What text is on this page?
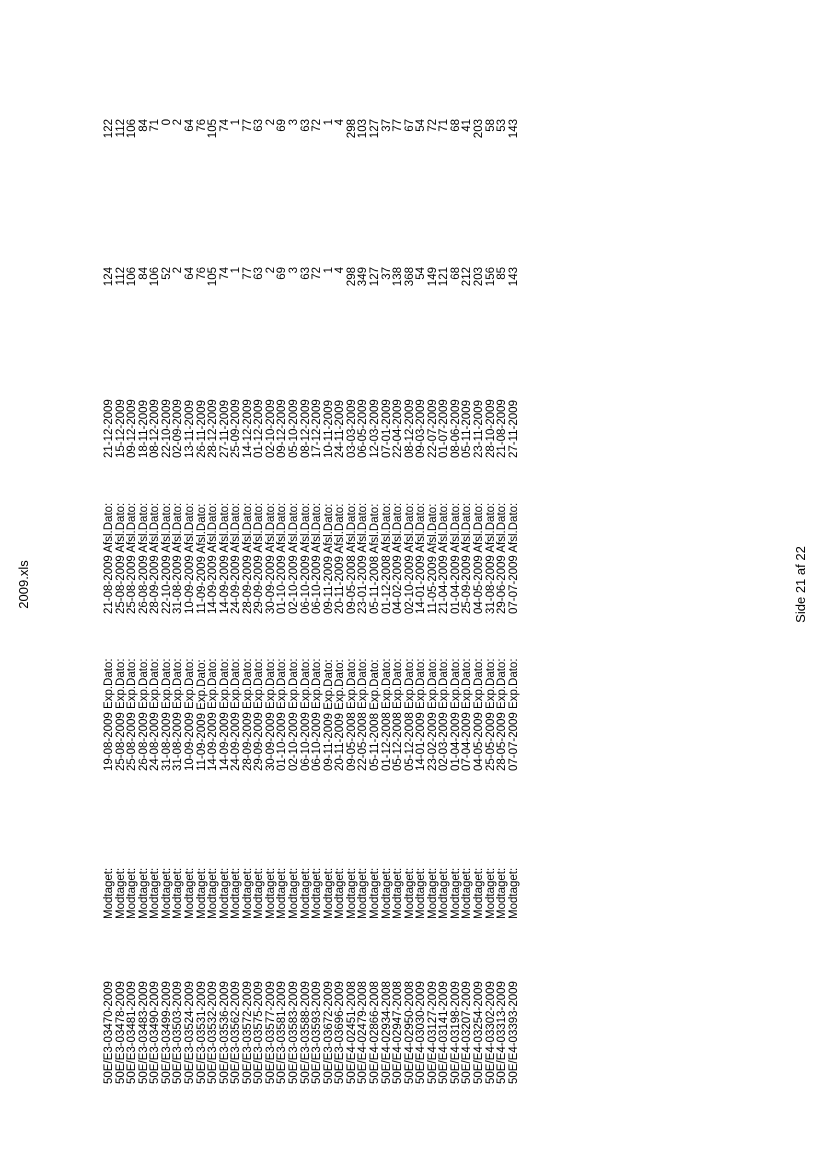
2009.xls
50E/E3-03470-2009
Modtaget:
19-08-2009 Exp.Dato:
21-08-2009 Afsl.Dato:
21-12-2009
124
122
50E/E3-03478-2009
Modtaget:
25-08-2009 Exp.Dato:
25-08-2009 Afsl.Dato:
15-12-2009
112
112
50E/E3-03481-2009
Modtaget:
25-08-2009 Exp.Dato:
25-08-2009 Afsl.Dato:
09-12-2009
106
106
50E/E3-03483-2009
Modtaget:
26-08-2009 Exp.Dato:
26-08-2009 Afsl.Dato:
18-11-2009
84
84
50E/E3-03490-2009
Modtaget:
24-08-2009 Exp.Dato:
28-09-2009 Afsl.Dato:
08-12-2009
106
71
50E/E3-03499-2009
Modtaget:
31-08-2009 Exp.Dato:
22-10-2009 Afsl.Dato:
22-10-2009
52
0
50E/E3-03503-2009
Modtaget:
31-08-2009 Exp.Dato:
31-08-2009 Afsl.Dato:
02-09-2009
2
2
50E/E3-03524-2009
Modtaget:
10-09-2009 Exp.Dato:
10-09-2009 Afsl.Dato:
13-11-2009
64
64
50E/E3-03531-2009
Modtaget:
11-09-2009 Exp.Dato:
11-09-2009 Afsl.Dato:
26-11-2009
76
76
50E/E3-03532-2009
Modtaget:
14-09-2009 Exp.Dato:
14-09-2009 Afsl.Dato:
28-12-2009
105
105
50E/E3-03536-2009
Modtaget:
14-09-2009 Exp.Dato:
14-09-2009 Afsl.Dato:
27-11-2009
74
74
50E/E3-03562-2009
Modtaget:
24-09-2009 Exp.Dato:
24-09-2009 Afsl.Dato:
25-09-2009
1
1
50E/E3-03572-2009
Modtaget:
28-09-2009 Exp.Dato:
28-09-2009 Afsl.Dato:
14-12-2009
77
77
50E/E3-03575-2009
Modtaget:
29-09-2009 Exp.Dato:
29-09-2009 Afsl.Dato:
01-12-2009
63
63
50E/E3-03577-2009
Modtaget:
30-09-2009 Exp.Dato:
30-09-2009 Afsl.Dato:
02-10-2009
2
2
50E/E3-03581-2009
Modtaget:
01-10-2009 Exp.Dato:
01-10-2009 Afsl.Dato:
09-12-2009
69
69
50E/E3-03583-2009
Modtaget:
02-10-2009 Exp.Dato:
02-10-2009 Afsl.Dato:
05-10-2009
3
3
50E/E3-03588-2009
Modtaget:
06-10-2009 Exp.Dato:
06-10-2009 Afsl.Dato:
08-12-2009
63
63
50E/E3-03593-2009
Modtaget:
06-10-2009 Exp.Dato:
06-10-2009 Afsl.Dato:
17-12-2009
72
72
50E/E3-03672-2009
Modtaget:
09-11-2009 Exp.Dato:
09-11-2009 Afsl.Dato:
10-11-2009
1
1
50E/E3-03696-2009
Modtaget:
20-11-2009 Exp.Dato:
20-11-2009 Afsl.Dato:
24-11-2009
4
4
50E/E4-02451-2008
Modtaget:
09-05-2008 Exp.Dato:
09-05-2008 Afsl.Dato:
03-03-2009
298
298
50E/E4-02479-2008
Modtaget:
22-05-2008 Exp.Dato:
23-01-2009 Afsl.Dato:
06-05-2009
349
103
50E/E4-02866-2008
Modtaget:
05-11-2008 Exp.Dato:
05-11-2008 Afsl.Dato:
12-03-2009
127
127
50E/E4-02934-2008
Modtaget:
01-12-2008 Exp.Dato:
01-12-2008 Afsl.Dato:
07-01-2009
37
37
50E/E4-02947-2008
Modtaget:
05-12-2008 Exp.Dato:
04-02-2009 Afsl.Dato:
22-04-2009
138
77
50E/E4-02950-2008
Modtaget:
05-12-2008 Exp.Dato:
02-10-2009 Afsl.Dato:
08-12-2009
368
67
50E/E4-03030-2009
Modtaget:
14-01-2009 Exp.Dato:
14-01-2009 Afsl.Dato:
09-03-2009
54
54
50E/E4-03127-2009
Modtaget:
23-02-2009 Exp.Dato:
11-05-2009 Afsl.Dato:
22-07-2009
149
72
50E/E4-03141-2009
Modtaget:
02-03-2009 Exp.Dato:
21-04-2009 Afsl.Dato:
01-07-2009
121
71
50E/E4-03198-2009
Modtaget:
01-04-2009 Exp.Dato:
01-04-2009 Afsl.Dato:
08-06-2009
68
68
50E/E4-03207-2009
Modtaget:
07-04-2009 Exp.Dato:
25-09-2009 Afsl.Dato:
05-11-2009
212
41
50E/E4-03254-2009
Modtaget:
04-05-2009 Exp.Dato:
04-05-2009 Afsl.Dato:
23-11-2009
203
203
50E/E4-03302-2009
Modtaget:
25-05-2009 Exp.Dato:
31-08-2009 Afsl.Dato:
28-10-2009
156
58
50E/E4-03313-2009
Modtaget:
28-05-2009 Exp.Dato:
29-06-2009 Afsl.Dato:
21-08-2009
85
53
50E/E4-03393-2009
Modtaget:
07-07-2009 Exp.Dato:
07-07-2009 Afsl.Dato:
27-11-2009
143
143
Side 21 af 22
